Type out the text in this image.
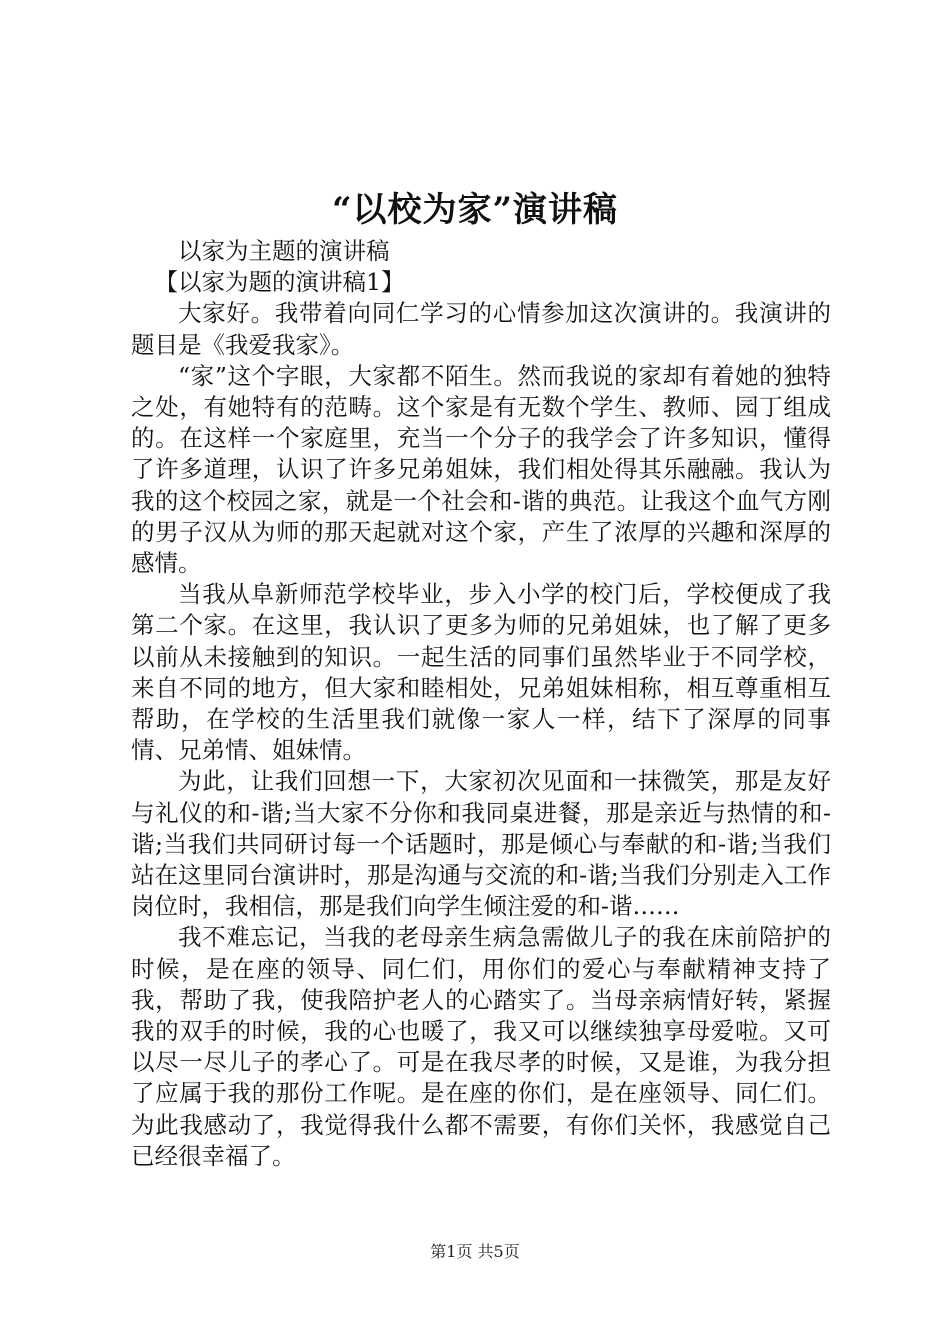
“以校为家”演讲稿

以家为主题的演讲稿

【以家为题的演讲稿1】

大家好。我带着向同仁学习的心情参加这次演讲的。我演讲的题目是《我爱我家》。

“家”这个字眼，大家都不陌生。然而我说的家却有着她的独特之处，有她特有的范畴。这个家是有无数个学生、教师、园丁组成的。在这样一个家庭里，充当一个分子的我学会了许多知识，懂得了许多道理，认识了许多兄弟姐妹，我们相处得其乐融融。我认为我的这个校园之家，就是一个社会和-谐的典范。让我这个血气方刚的男子汉从为师的那天起就对这个家，产生了浓厚的兴趣和深厚的感情。

当我从阜新师范学校毕业，步入小学的校门后，学校便成了我第二个家。在这里，我认识了更多为师的兄弟姐妹，也了解了更多以前从未接触到的知识。一起生活的同事们虽然毕业于不同学校，来自不同的地方，但大家和睦相处，兄弟姐妹相称，相互尊重相互帮助，在学校的生活里我们就像一家人一样，结下了深厚的同事情、兄弟情、姐妹情。

为此，让我们回想一下，大家初次见面和一抹微笑，那是友好与礼仪的和-谐;当大家不分你和我同桌进餐，那是亲近与热情的和-谐;当我们共同研讨每一个话题时，那是倾心与奉献的和-谐;当我们站在这里同台演讲时，那是沟通与交流的和-谐;当我们分别走入工作岗位时，我相信，那是我们向学生倾注爱的和-谐……

我不难忘记，当我的老母亲生病急需做儿子的我在床前陪护的时候，是在座的领导、同仁们，用你们的爱心与奉献精神支持了我，帮助了我，使我陪护老人的心踏实了。当母亲病情好转，紧握我的双手的时候，我的心也暖了，我又可以继续独享母爱啦。又可以尽一尽儿子的孝心了。可是在我尽孝的时候，又是谁，为我分担了应属于我的那份工作呢。是在座的你们，是在座领导、同仁们。为此我感动了，我觉得我什么都不需要，有你们关怀，我感觉自己已经很幸福了。

第1页 共5页
